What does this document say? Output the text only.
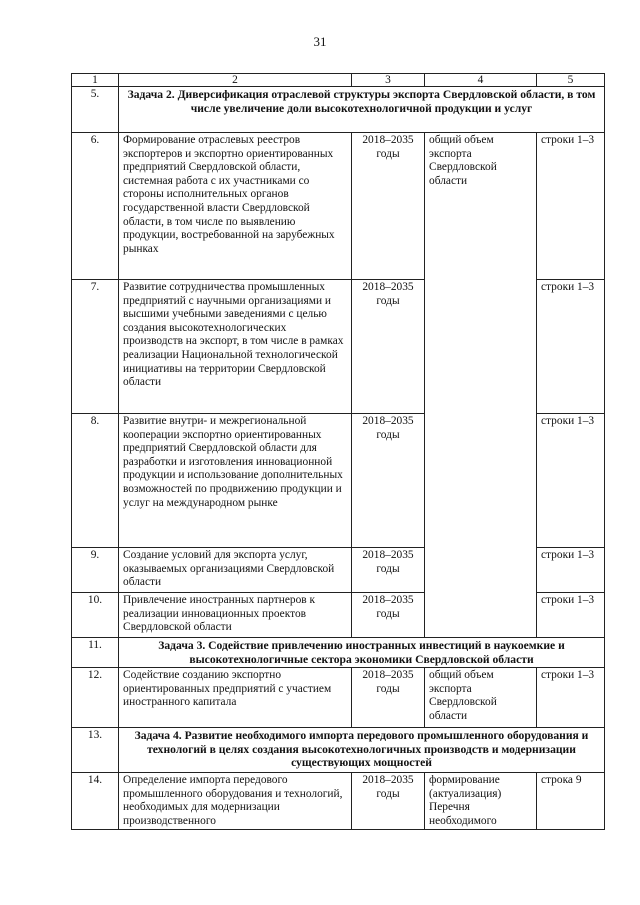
31
1	2	3	4	5
5.	Задача 2. Диверсификация отраслевой структуры экспорта Свердловской области, в том числе увеличение доли высокотехнологичной продукции и услуг			
6.	Формирование отраслевых реестров экспортеров и экспортно ориентированных предприятий Свердловской области, системная работа с их участниками со стороны исполнительных органов государственной власти Свердловской области, в том числе по выявлению продукции, востребованной на зарубежных рынках	2018–2035 годы	общий объем экспорта Свердловской области	строки 1–3
7.	Развитие сотрудничества промышленных предприятий с научными организациями и высшими учебными заведениями с целью создания высокотехнологических производств на экспорт, в том числе в рамках реализации Национальной технологической инициативы на территории Свердловской области	2018–2035 годы		строки 1–3
8.	Развитие внутри- и межрегиональной кооперации экспортно ориентированных предприятий Свердловской области для разработки и изготовления инновационной продукции и использование дополнительных возможностей по продвижению продукции и услуг на международном рынке	2018–2035 годы		строки 1–3
9.	Создание условий для экспорта услуг, оказываемых организациями Свердловской области	2018–2035 годы		строки 1–3
10.	Привлечение иностранных партнеров к реализации инновационных проектов Свердловской области	2018–2035 годы		строки 1–3
11.	Задача 3. Содействие привлечению иностранных инвестиций в наукоемкие и высокотехнологичные сектора экономики Свердловской области			
12.	Содействие созданию экспортно ориентированных предприятий с участием иностранного капитала	2018–2035 годы	общий объем экспорта Свердловской области	строки 1–3
13.	Задача 4. Развитие необходимого импорта передового промышленного оборудования и технологий в целях создания высокотехнологичных производств и модернизации существующих мощностей			
14.	Определение импорта передового промышленного оборудования и технологий, необходимых для модернизации производственного	2018–2035 годы	формирование (актуализация) Перечня необходимого	строка 9
